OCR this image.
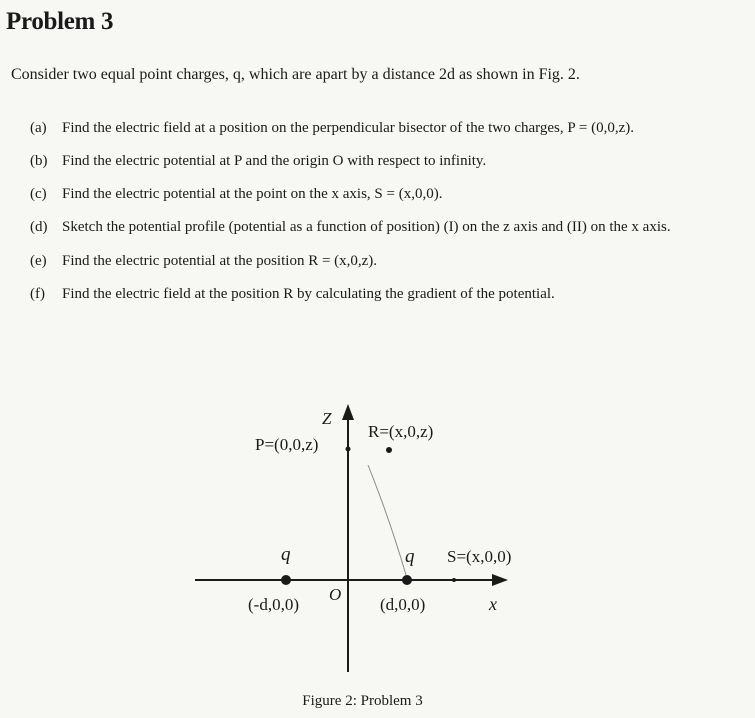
Problem 3
Consider two equal point charges, q, which are apart by a distance 2d as shown in Fig. 2.
(a) Find the electric field at a position on the perpendicular bisector of the two charges, P = (0,0,z).
(b) Find the electric potential at P and the origin O with respect to infinity.
(c) Find the electric potential at the point on the x axis, S = (x,0,0).
(d) Sketch the potential profile (potential as a function of position) (I) on the z axis and (II) on the x axis.
(e) Find the electric potential at the position R = (x,0,z).
(f) Find the electric field at the position R by calculating the gradient of the potential.
Z
P=(0,0,z)
R=(x,0,z)
q	q S=(x,0,0)
(-d,0,0)
O
(d,0,0)	x
Figure 2: Problem 3
